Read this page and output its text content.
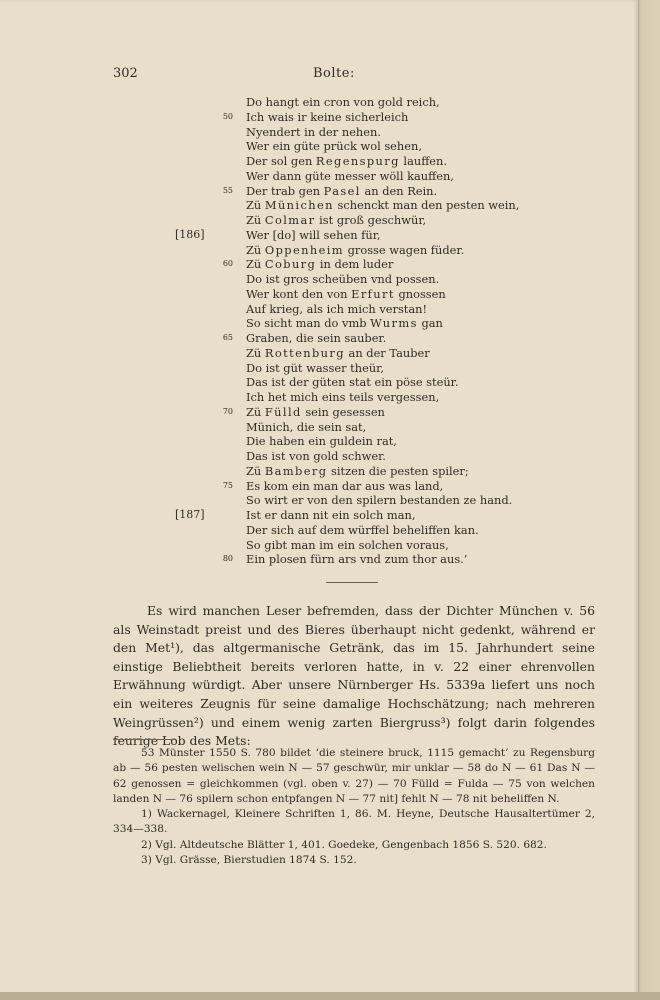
302	Bolte:
Do hangt ein cron von gold reich,
50 Ich wais ir keine sicherleich
Nyendert in der nehen.
Wer ein güte prück wol sehen,
Der sol gen Regenspurg lauffen.
Wer dann güte messer wöll kauffen,
55 Der trab gen Pasel an den Rein.
Zü Münichen schenckt man den pesten wein,
Zü Colmar ist groß geschwür,
[186]	Wer [do] will sehen für,
Zü Oppenheim grosse wagen füder.
60 Zü Coburg in dem luder
Do ist gros scheüben vnd possen.
Wer kont den von Erfurt gnossen
Auf krieg, als ich mich verstan!
So sicht man do vmb Wurms gan
65 Graben, die sein sauber.
Zü Rottenburg an der Tauber
Do ist güt wasser theür,
Das ist der güten stat ein pöse steür.
Ich het mich eins teils vergessen,
70 Zü Fülld sein gesessen
Münich, die sein sat,
Die haben ein guldein rat,
Das ist von gold schwer.
Zü Bamberg sitzen die pesten spiler;
75 Es kom ein man dar aus was land,
So wirt er von den spilern bestanden ze hand.
[187]	Ist er dann nit ein solch man,
Der sich auf dem würffel beheliffen kan.
So gibt man im ein solchen voraus,
80 Ein plosen fürn ars vnd zum thor aus.’

Es wird manchen Leser befremden, dass der Dichter München v. 56 als Weinstadt preist und des Bieres überhaupt nicht gedenkt, während er den Met¹), das altgermanische Getränk, das im 15. Jahrhundert seine einstige Beliebtheit bereits verloren hatte, in v. 22 einer ehrenvollen Erwähnung würdigt. Aber unsere Nürnberger Hs. 5339a liefert uns noch ein weiteres Zeugnis für seine damalige Hochschätzung; nach mehreren Weingrüssen²) und einem wenig zarten Biergruss³) folgt darin folgendes feurige Lob des Mets:

53 Münster 1550 S. 780 bildet ‘die steinere bruck, 1115 gemacht’ zu Regensburg ab — 56 pesten welischen wein N — 57 geschwür, mir unklar — 58 do N — 61 Das N — 62 genossen = gleichkommen (vgl. oben v. 27) — 70 Fülld = Fulda — 75 von welchen landen N — 76 spilern schon entpfangen N — 77 nit] fehlt N — 78 nit beheliffen N.

1) Wackernagel, Kleinere Schriften 1, 86. M. Heyne, Deutsche Hausaltertümer 2, 334—338.

2) Vgl. Altdeutsche Blätter 1, 401. Goedeke, Gengenbach 1856 S. 520. 682.

3) Vgl. Grässe, Bierstudien 1874 S. 152.
